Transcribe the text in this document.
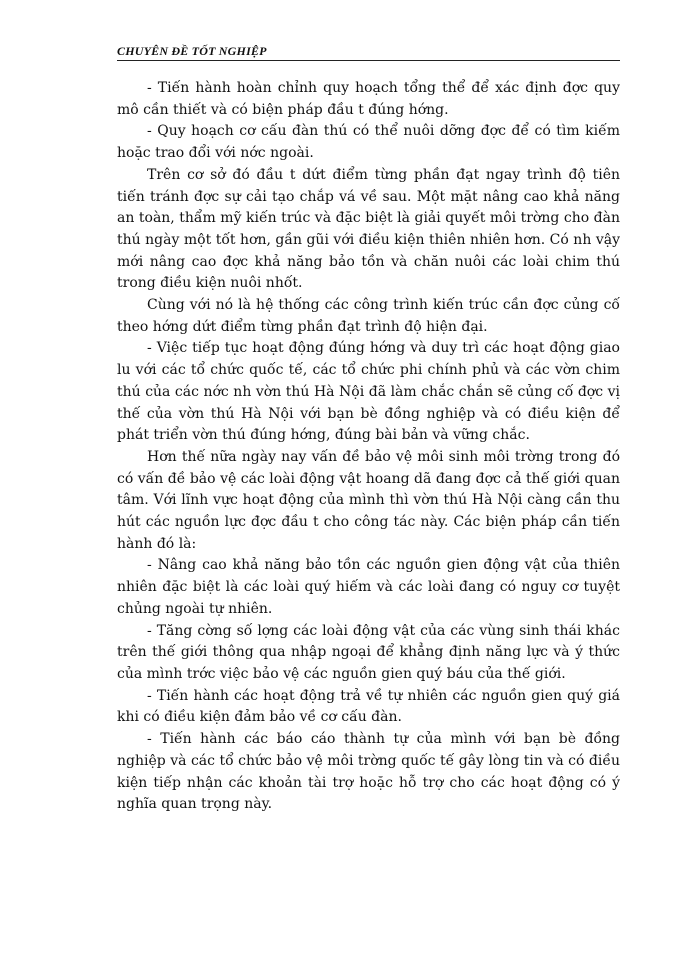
CHUYÊN ĐỀ TỐT NGHIỆP

- Tiến hành hoàn chỉnh quy hoạch tổng thể để xác định đợc quy mô cần thiết và có biện pháp đầu t đúng hớng.

- Quy hoạch cơ cấu đàn thú có thể nuôi dỡng đợc để có tìm kiếm hoặc trao đổi với nớc ngoài.

Trên cơ sở đó đầu t dứt điểm từng phần đạt ngay trình độ tiên tiến tránh đợc sự cải tạo chắp vá về sau. Một mặt nâng cao khả năng an toàn, thẩm mỹ kiến trúc và đặc biệt là giải quyết môi trờng cho đàn thú ngày một tốt hơn, gần gũi với điều kiện thiên nhiên hơn. Có nh vậy mới nâng cao đợc khả năng bảo tồn và chăn nuôi các loài chim thú trong điều kiện nuôi nhốt.

Cùng với nó là hệ thống các công trình kiến trúc cần đợc củng cố theo hớng dứt điểm từng phần đạt trình độ hiện đại.

- Việc tiếp tục hoạt động đúng hớng và duy trì các hoạt động giao lu với các tổ chức quốc tế, các tổ chức phi chính phủ và các vờn chim thú của các nớc nh vờn thú Hà Nội đã làm chắc chắn sẽ củng cố đợc vị thế của vờn thú Hà Nội với bạn bè đồng nghiệp và có điều kiện để phát triển vờn thú đúng hớng, đúng bài bản và vững chắc.

Hơn thế nữa ngày nay vấn đề bảo vệ môi sinh môi trờng trong đó có vấn đề bảo vệ các loài động vật hoang dã đang đợc cả thế giới quan tâm. Với lĩnh vực hoạt động của mình thì vờn thú Hà Nội càng cần thu hút các nguồn lực đợc đầu t cho công tác này. Các biện pháp cần tiến hành đó là:

- Nâng cao khả năng bảo tồn các nguồn gien động vật của thiên nhiên đặc biệt là các loài quý hiếm và các loài đang có nguy cơ tuyệt chủng ngoài tự nhiên.

- Tăng cờng số lợng các loài động vật của các vùng sinh thái khác trên thế giới thông qua nhập ngoại để khẳng định năng lực và ý thức của mình trớc việc bảo vệ các nguồn gien quý báu của thế giới.

- Tiến hành các hoạt động trả về tự nhiên các nguồn gien quý giá khi có điều kiện đảm bảo về cơ cấu đàn.

- Tiến hành các báo cáo thành tự của mình với bạn bè đồng nghiệp và các tổ chức bảo vệ môi trờng quốc tế gây lòng tin và có điều kiện tiếp nhận các khoản tài trợ hoặc hỗ trợ cho các hoạt động có ý nghĩa quan trọng này.
